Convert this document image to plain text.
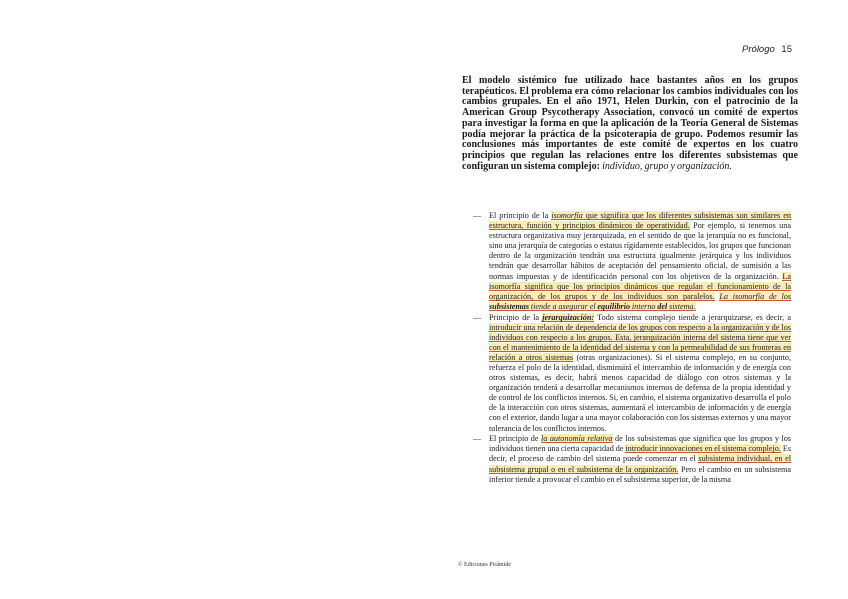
Prólogo 15

El modelo sistémico fue utilizado hace bastantes años en los grupos terapéuticos. El problema era cómo relacionar los cambios individuales con los cambios grupales. En el año 1971, Helen Durkin, con el patrocinio de la American Group Psycotherapy Association, convocó un comité de expertos para investigar la forma en que la aplicación de la Teoría General de Sistemas podía mejorar la práctica de la psicoterapia de grupo. Podemos resumir las conclusiones más importantes de este comité de expertos en los cuatro principios que regulan las relaciones entre los diferentes subsistemas que configuran un sistema complejo: individuo, grupo y organización.

— El principio de la isomorfía que significa que los diferentes subsistemas son similares en estructura, función y principios dinámicos de operatividad. Por ejemplo, si tenemos una estructura organizativa muy jerarquizada, en el sentido de que la jerarquía no es funcional, sino una jerarquía de categorías o estatus rígidamente establecidos, los grupos que funcionan dentro de la organización tendrán una estructura igualmente jerárquica y los individuos tendrán que desarrollar hábitos de aceptación del pensamiento oficial, de sumisión a las normas impuestas y de identificación personal con los objetivos de la organización. La isomorfía significa que los principios dinámicos que regulan el funcionamiento de la organización, de los grupos y de los individuos son paralelos. La isomorfía de los subsistemas tiende a asegurar el equilibrio interno del sistema.
— Principio de la jerarquización: Todo sistema complejo tiende a jerarquizarse, es decir, a introducir una relación de dependencia de los grupos con respecto a la organización y de los individuos con respecto a los grupos. Esta, jerarquización interna del sistema tiene que ver con el mantenimiento de la identidad del sistema y con la permeabilidad de sus fronteras en relación a otros sistemas (otras organizaciones). Si el sistema complejo, en su conjunto, refuerza el polo de la identidad, disminuirá el intercambio de información y de energía con otros sistemas, es decir, habrá menos capacidad de diálogo con otros sistemas y la organización tenderá a desarrollar mecanismos internos de defensa de la propia identidad y de control de los conflictos internos. Si, en cambio, el sistema organizativo desarrolla el polo de la interacción con otros sistemas, aumentará el intercambio de información y de energía con el exterior, dando lugar a una mayor colaboración con los sistemas externos y una mayor tolerancia de los conflictos internos.
— El principio de la autonomía relativa de los subsistemas que significa que los grupos y los individuos tienen una cierta capacidad de introducir innovaciones en el sistema complejo. Es decir, el proceso de cambio del sistema puede comenzar en el subsistema individual, en el subsistema grupal o en el subsistema de la organización. Pero el cambio en un subsistema inferior tiende a provocar el cambio en el subsistema superior, de la misma
© Ediciones Pirámide
